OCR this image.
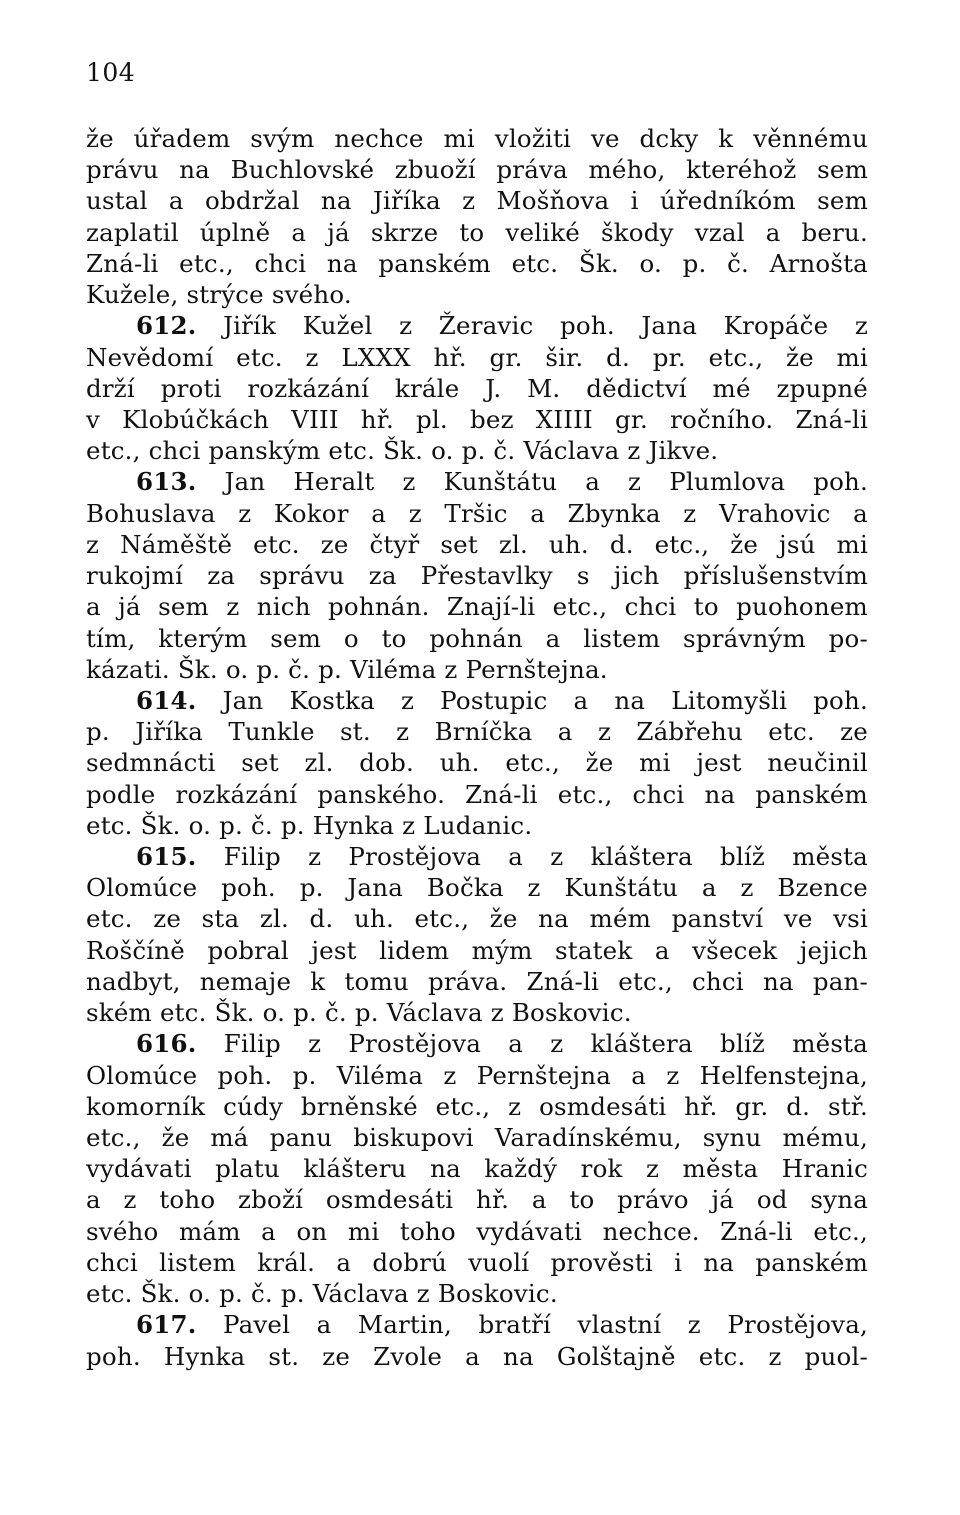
104
že úřadem svým nechce mi vložiti ve dcky k věnnému
právu na Buchlovské zbuoží práva mého, kteréhož sem
ustal a obdržal na Jiříka z Mošňova i úředníkóm sem
zaplatil úplně a já skrze to veliké škody vzal a beru.
Zná-li etc., chci na panském etc. Šk. o. p. č. Arnošta
Kužele, strýce svého.
612. Jiřík Kužel z Žeravic poh. Jana Kropáče z
Nevědomí etc. z LXXX hř. gr. šir. d. pr. etc., že mi
drží proti rozkázání krále J. M. dědictví mé zpupné
v Klobúčkách VIII hř. pl. bez XIIII gr. ročního. Zná-li
etc., chci panským etc. Šk. o. p. č. Václava z Jikve.
613. Jan Heralt z Kunštátu a z Plumlova poh.
Bohuslava z Kokor a z Tršic a Zbynka z Vrahovic a
z Náměště etc. ze čtyř set zl. uh. d. etc., že jsú mi
rukojmí za správu za Přestavlky s jich příslušenstvím
a já sem z nich pohnán. Znají-li etc., chci to puohonem
tím, kterým sem o to pohnán a listem správným po-
kázati. Šk. o. p. č. p. Viléma z Pernštejna.
614. Jan Kostka z Postupic a na Litomyšli poh.
p. Jiříka Tunkle st. z Brníčka a z Zábřehu etc. ze
sedmnácti set zl. dob. uh. etc., že mi jest neučinil
podle rozkázání panského. Zná-li etc., chci na panském
etc. Šk. o. p. č. p. Hynka z Ludanic.
615. Filip z Prostějova a z kláštera blíž města
Olomúce poh. p. Jana Bočka z Kunštátu a z Bzence
etc. ze sta zl. d. uh. etc., že na mém panství ve vsi
Roščíně pobral jest lidem mým statek a všecek jejich
nadbyt, nemaje k tomu práva. Zná-li etc., chci na pan-
ském etc. Šk. o. p. č. p. Václava z Boskovic.
616. Filip z Prostějova a z kláštera blíž města
Olomúce poh. p. Viléma z Pernštejna a z Helfenstejna,
komorník cúdy brněnské etc., z osmdesáti hř. gr. d. stř.
etc., že má panu biskupovi Varadínskému, synu mému,
vydávati platu klášteru na každý rok z města Hranic
a z toho zboží osmdesáti hř. a to právo já od syna
svého mám a on mi toho vydávati nechce. Zná-li etc.,
chci listem král. a dobrú vuolí prověsti i na panském
etc. Šk. o. p. č. p. Václava z Boskovic.
617. Pavel a Martin, bratří vlastní z Prostějova,
poh. Hynka st. ze Zvole a na Golštajně etc. z puol-
